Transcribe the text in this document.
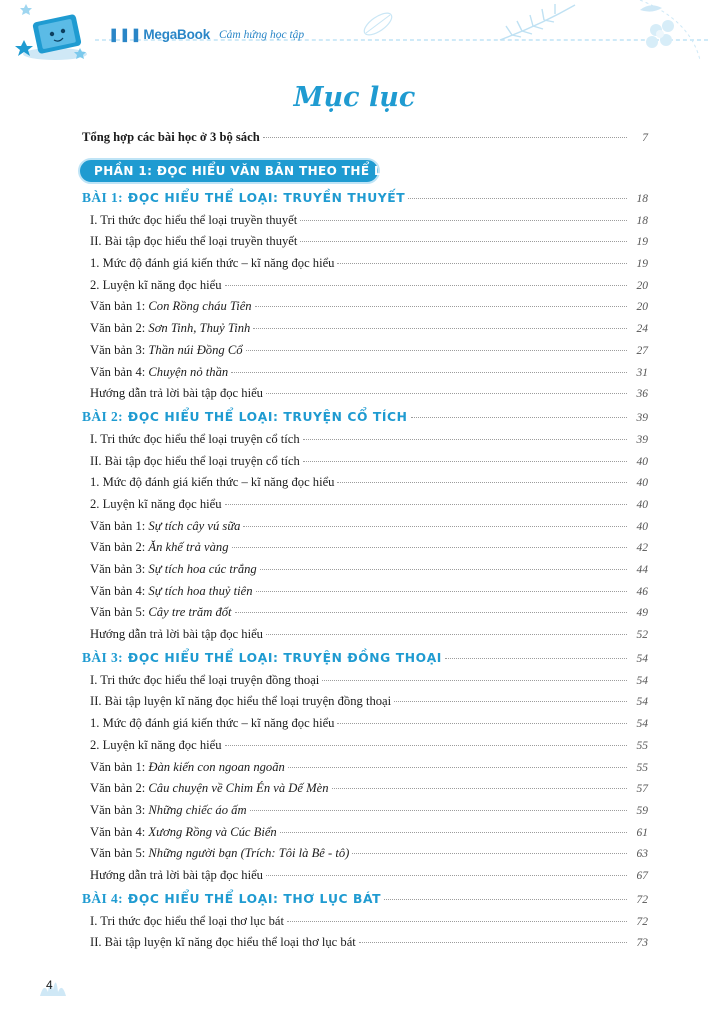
❚❚❚ MegaBook Cảm hứng học tập
Mục lục
Tổng hợp các bài học ở 3 bộ sách	7
PHẦN 1: ĐỌC HIỂU VĂN BẢN THEO THỂ LOẠI
BÀI 1: ĐỌC HIỂU THỂ LOẠI: TRUYỀN THUYẾT	18
I. Tri thức đọc hiểu thể loại truyền thuyết	18
II. Bài tập đọc hiểu thể loại truyền thuyết	19
1. Mức độ đánh giá kiến thức – kĩ năng đọc hiểu	19
2. Luyện kĩ năng đọc hiểu	20
Văn bản 1: Con Rồng cháu Tiên	20
Văn bản 2: Sơn Tinh, Thuỷ Tinh	24
Văn bản 3: Thần núi Đồng Cổ	27
Văn bản 4: Chuyện nỏ thần	31
Hướng dẫn trả lời bài tập đọc hiểu	36
BÀI 2: ĐỌC HIỂU THỂ LOẠI: TRUYỆN CỔ TÍCH	39
I. Tri thức đọc hiểu thể loại truyện cổ tích	39
II. Bài tập đọc hiểu thể loại truyện cổ tích	40
1. Mức độ đánh giá kiến thức – kĩ năng đọc hiểu	40
2. Luyện kĩ năng đọc hiểu	40
Văn bản 1: Sự tích cây vú sữa	40
Văn bản 2: Ăn khế trả vàng	42
Văn bản 3: Sự tích hoa cúc trắng	44
Văn bản 4: Sự tích hoa thuỷ tiên	46
Văn bản 5: Cây tre trăm đốt	49
Hướng dẫn trả lời bài tập đọc hiểu	52
BÀI 3: ĐỌC HIỂU THỂ LOẠI: TRUYỆN ĐỒNG THOẠI	54
I. Tri thức đọc hiểu thể loại truyện đồng thoại	54
II. Bài tập luyện kĩ năng đọc hiểu thể loại truyện đồng thoại	54
1. Mức độ đánh giá kiến thức – kĩ năng đọc hiểu	54
2. Luyện kĩ năng đọc hiểu	55
Văn bản 1: Đàn kiến con ngoan ngoãn	55
Văn bản 2: Câu chuyện về Chim Én và Dế Mèn	57
Văn bản 3: Những chiếc áo ấm	59
Văn bản 4: Xương Rồng và Cúc Biển	61
Văn bản 5: Những người bạn (Trích: Tôi là Bê - tô)	63
Hướng dẫn trả lời bài tập đọc hiểu	67
BÀI 4: ĐỌC HIỂU THỂ LOẠI: THƠ LỤC BÁT	72
I. Tri thức đọc hiểu thể loại thơ lục bát	72
II. Bài tập luyện kĩ năng đọc hiểu thể loại thơ lục bát	73
4
